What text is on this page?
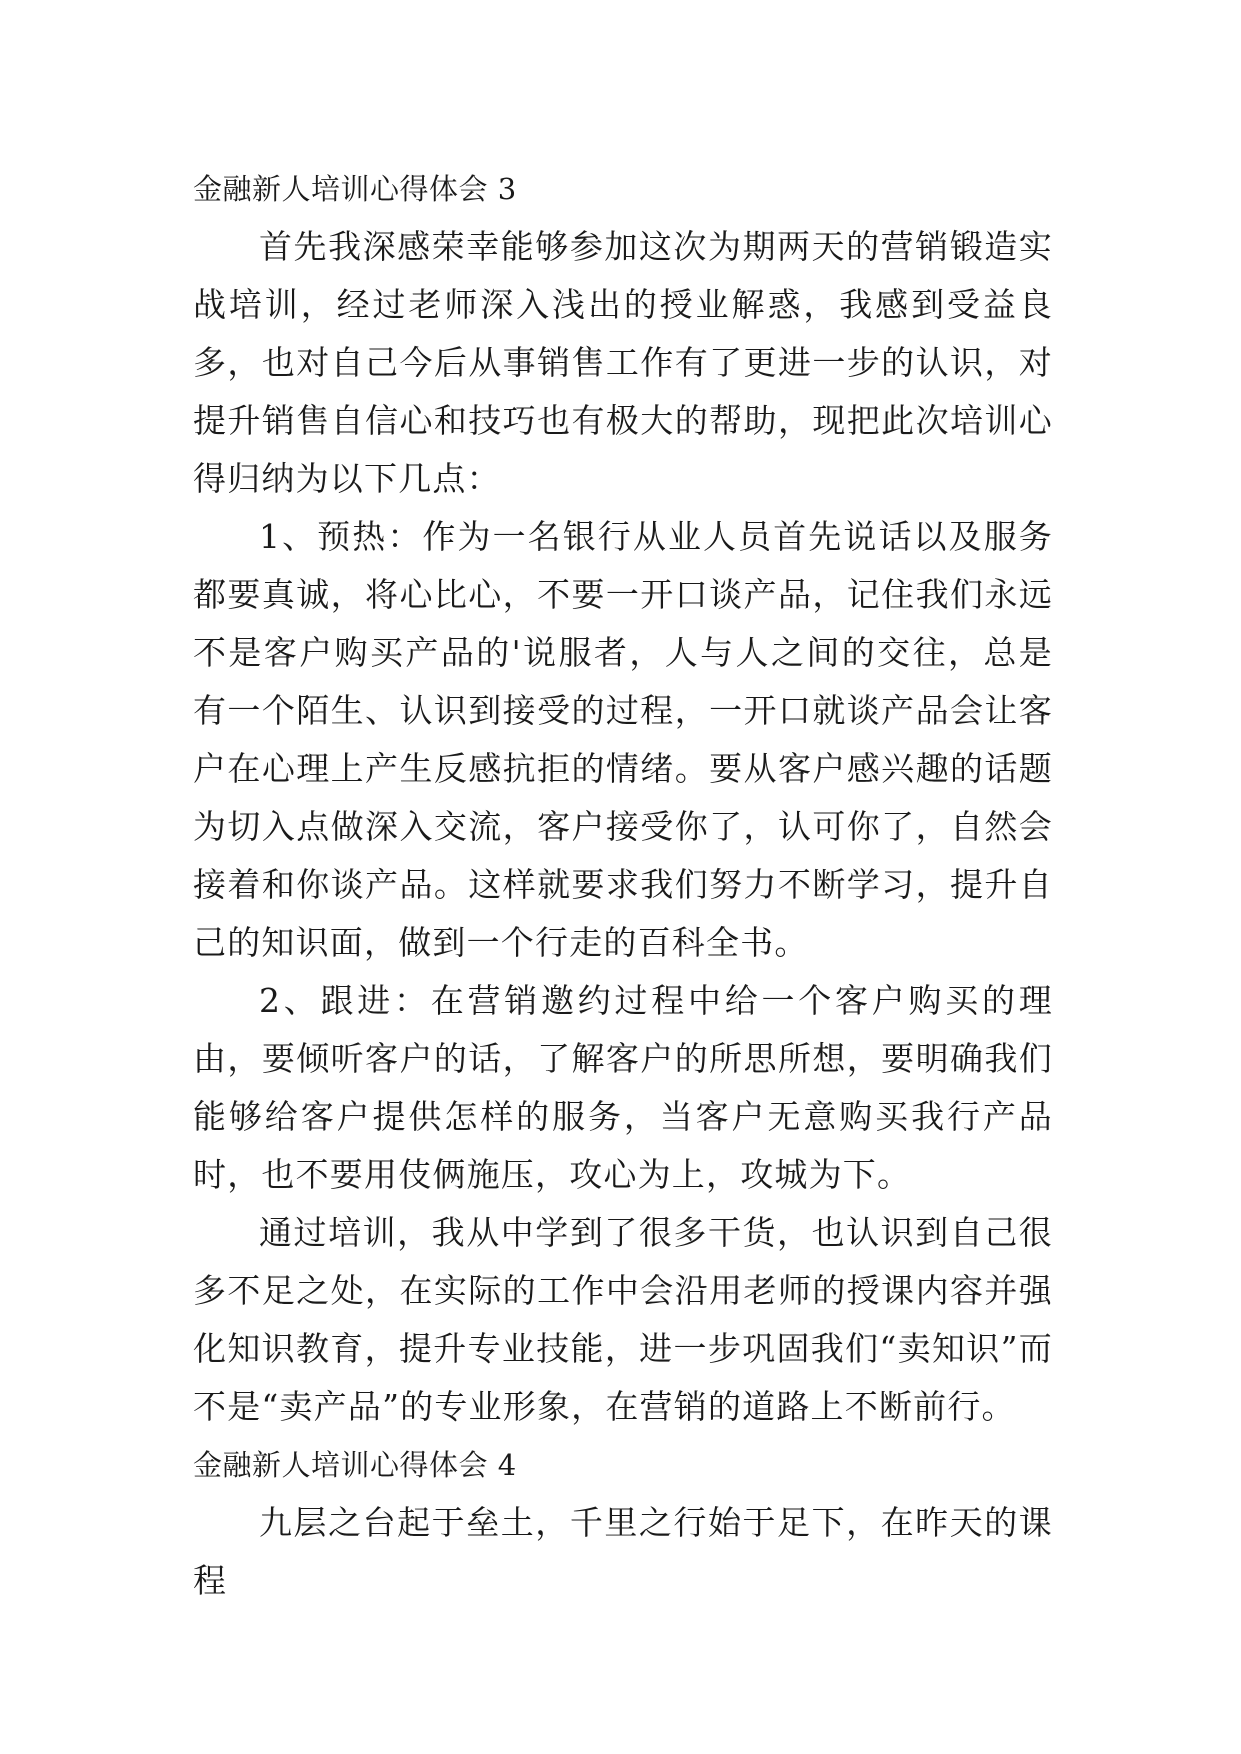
金融新人培训心得体会 3

首先我深感荣幸能够参加这次为期两天的营销锻造实战培训，经过老师深入浅出的授业解惑，我感到受益良多，也对自己今后从事销售工作有了更进一步的认识，对提升销售自信心和技巧也有极大的帮助，现把此次培训心得归纳为以下几点：

1、预热：作为一名银行从业人员首先说话以及服务都要真诚，将心比心，不要一开口谈产品，记住我们永远不是客户购买产品的'说服者，人与人之间的交往，总是有一个陌生、认识到接受的过程，一开口就谈产品会让客户在心理上产生反感抗拒的情绪。要从客户感兴趣的话题为切入点做深入交流，客户接受你了，认可你了，自然会接着和你谈产品。这样就要求我们努力不断学习，提升自己的知识面，做到一个行走的百科全书。

2、跟进：在营销邀约过程中给一个客户购买的理由，要倾听客户的话，了解客户的所思所想，要明确我们能够给客户提供怎样的服务，当客户无意购买我行产品时，也不要用伎俩施压，攻心为上，攻城为下。

通过培训，我从中学到了很多干货，也认识到自己很多不足之处，在实际的工作中会沿用老师的授课内容并强化知识教育，提升专业技能，进一步巩固我们“卖知识”而不是“卖产品”的专业形象，在营销的道路上不断前行。

金融新人培训心得体会 4

九层之台起于垒土，千里之行始于足下，在昨天的课程
